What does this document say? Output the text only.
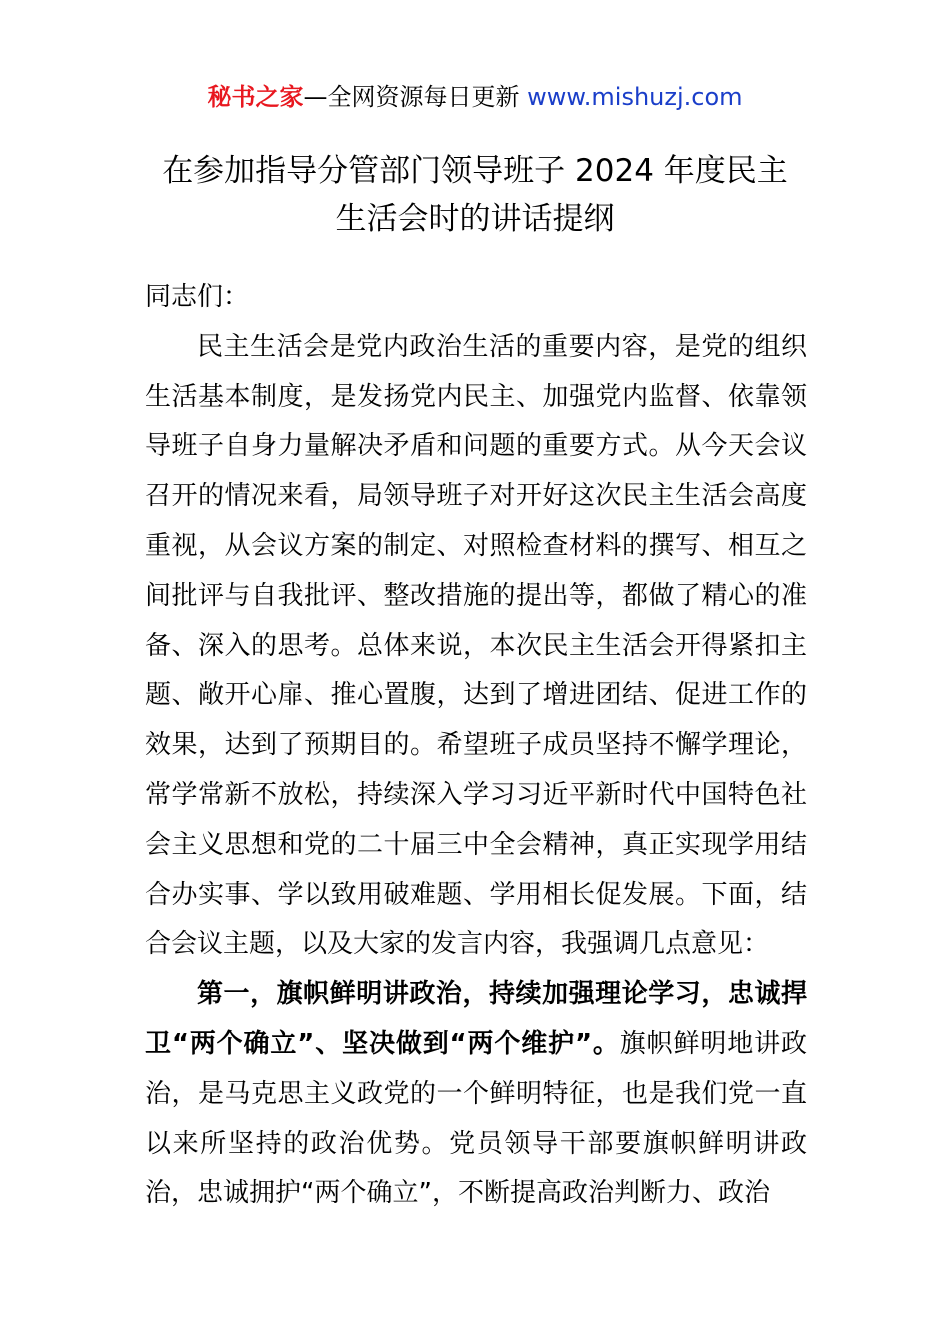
秘书之家—全网资源每日更新 www.mishuzj.com
在参加指导分管部门领导班子 2024 年度民主
生活会时的讲话提纲

同志们：

民主生活会是党内政治生活的重要内容，是党的组织生活基本制度，是发扬党内民主、加强党内监督、依靠领导班子自身力量解决矛盾和问题的重要方式。从今天会议召开的情况来看，局领导班子对开好这次民主生活会高度重视，从会议方案的制定、对照检查材料的撰写、相互之间批评与自我批评、整改措施的提出等，都做了精心的准备、深入的思考。总体来说，本次民主生活会开得紧扣主题、敞开心扉、推心置腹，达到了增进团结、促进工作的效果，达到了预期目的。希望班子成员坚持不懈学理论，常学常新不放松，持续深入学习习近平新时代中国特色社会主义思想和党的二十届三中全会精神，真正实现学用结合办实事、学以致用破难题、学用相长促发展。下面，结合会议主题，以及大家的发言内容，我强调几点意见：

第一，旗帜鲜明讲政治，持续加强理论学习，忠诚捍卫“两个确立”、坚决做到“两个维护”。旗帜鲜明地讲政治，是马克思主义政党的一个鲜明特征，也是我们党一直以来所坚持的政治优势。党员领导干部要旗帜鲜明讲政治，忠诚拥护“两个确立”，不断提高政治判断力、政治
